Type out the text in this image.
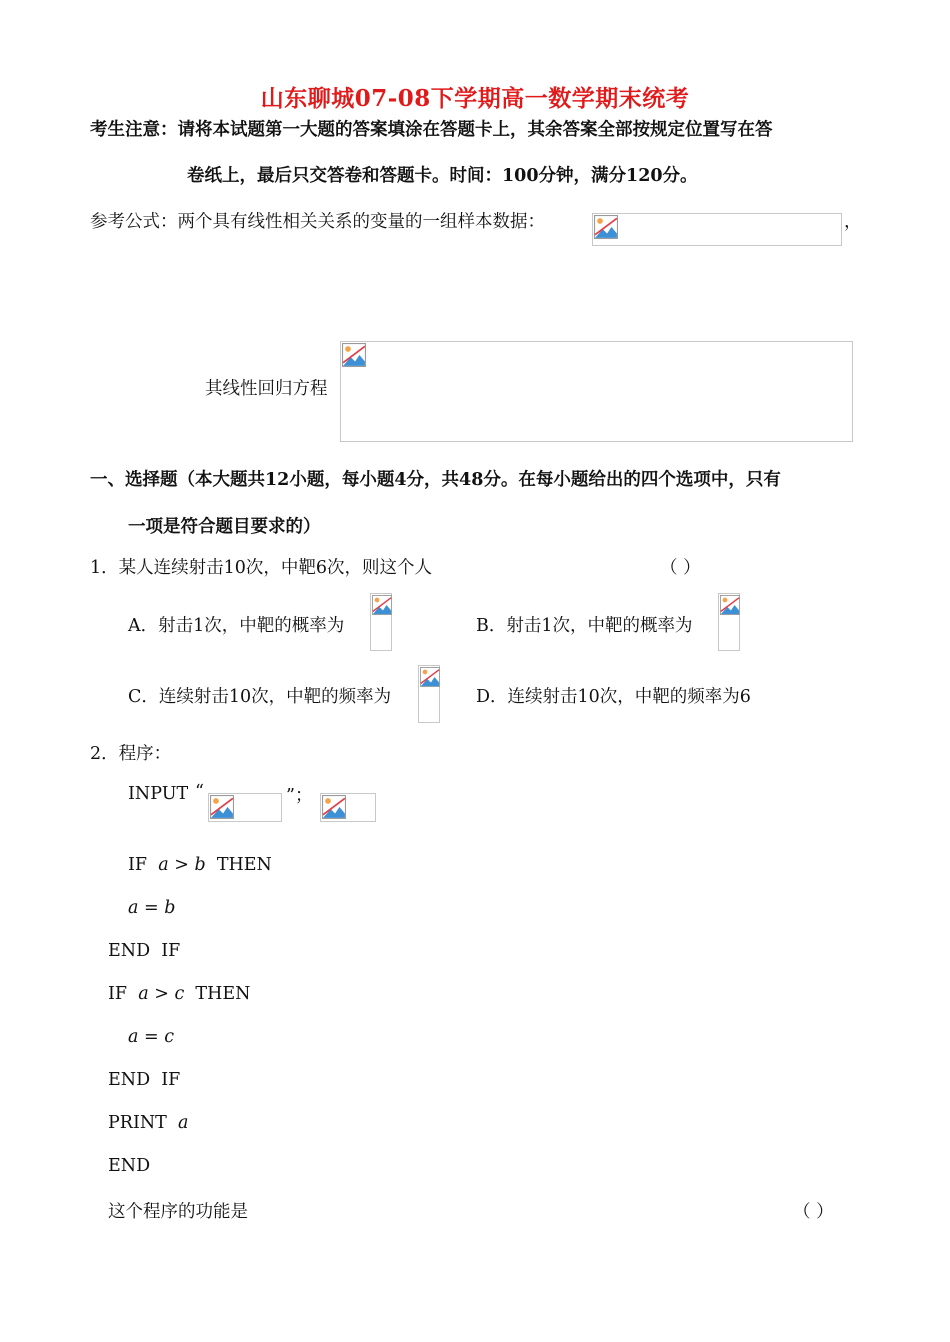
山东聊城07-08下学期高一数学期末统考
考生注意：请将本试题第一大题的答案填涂在答题卡上，其余答案全部按规定位置写在答
卷纸上，最后只交答卷和答题卡。时间：100分钟，满分120分。
参考公式：两个具有线性相关关系的变量的一组样本数据：	，
其线性回归方程
一、选择题（本大题共12小题，每小题4分，共48分。在每小题给出的四个选项中，只有
一项是符合题目要求的）
1．某人连续射击10次，中靶6次，则这个人	（ ）
A．射击1次，中靶的概率为	B．射击1次，中靶的概率为
C．连续射击10次，中靶的频率为	D．连续射击10次，中靶的频率为6
2．程序：
INPUT “	”；
IF a > b THEN
a = b
END  IF
IF a > c THEN
a = c
END  IF
PRINT a
END
这个程序的功能是	（ ）
